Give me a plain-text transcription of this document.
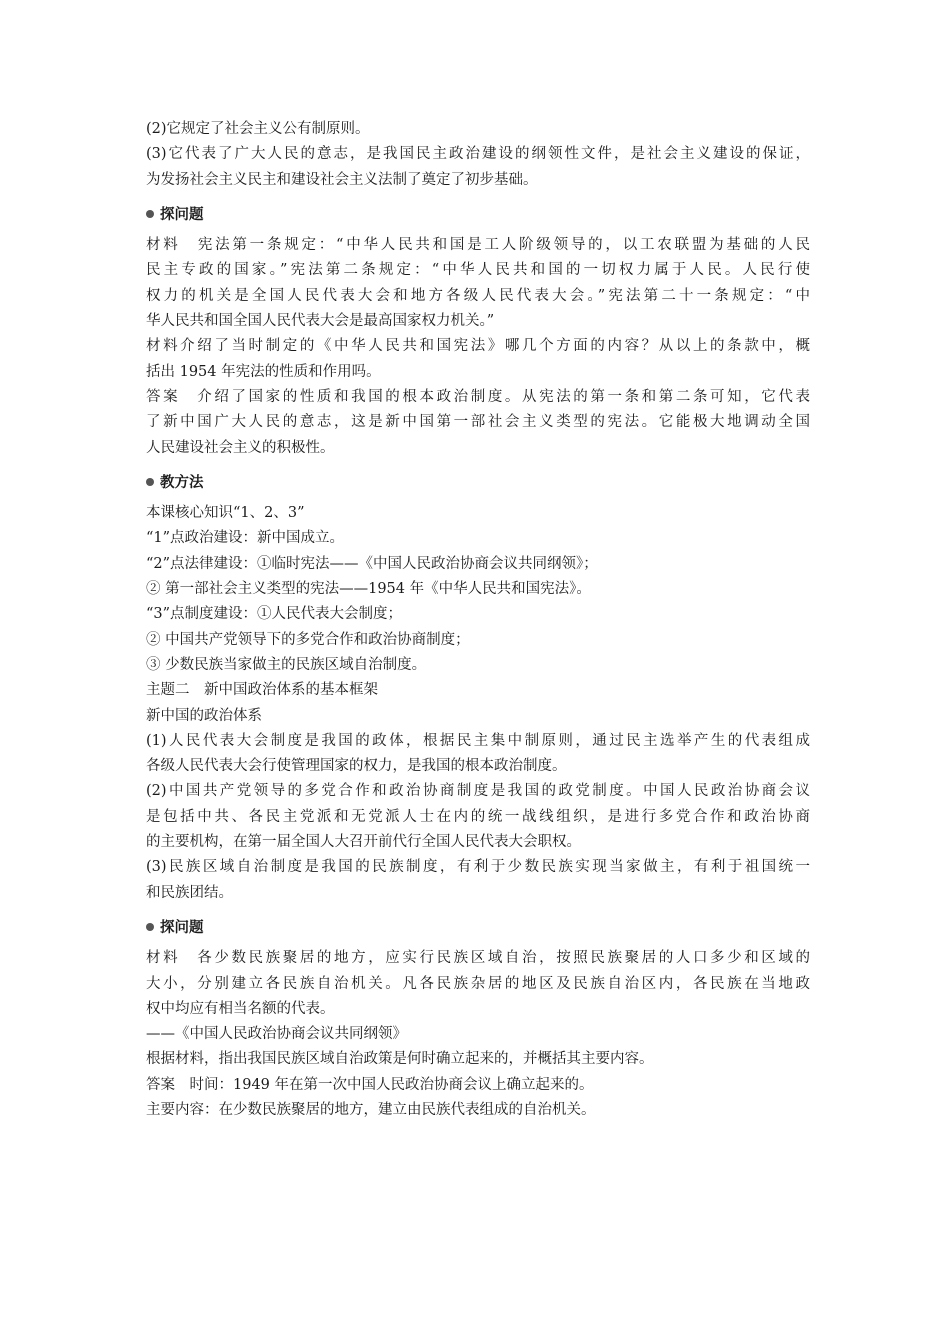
(2)它规定了社会主义公有制原则。
(3)它代表了广大人民的意志，是我国民主政治建设的纲领性文件，是社会主义建设的保证，
为发扬社会主义民主和建设社会主义法制了奠定了初步基础。
探问题
材料　宪法第一条规定：“中华人民共和国是工人阶级领导的，以工农联盟为基础的人民
民主专政的国家。”宪法第二条规定：“中华人民共和国的一切权力属于人民。人民行使
权力的机关是全国人民代表大会和地方各级人民代表大会。”宪法第二十一条规定：“中
华人民共和国全国人民代表大会是最高国家权力机关。”
材料介绍了当时制定的《中华人民共和国宪法》哪几个方面的内容？从以上的条款中，概
括出 1954 年宪法的性质和作用吗。
答案　介绍了国家的性质和我国的根本政治制度。从宪法的第一条和第二条可知，它代表
了新中国广大人民的意志，这是新中国第一部社会主义类型的宪法。它能极大地调动全国
人民建设社会主义的积极性。
教方法
本课核心知识“1、2、3”
“1”点政治建设：新中国成立。
“2”点法律建设：①临时宪法——《中国人民政治协商会议共同纲领》；
② 第一部社会主义类型的宪法——1954 年《中华人民共和国宪法》。
“3”点制度建设：①人民代表大会制度；
② 中国共产党领导下的多党合作和政治协商制度；
③ 少数民族当家做主的民族区域自治制度。
主题二　新中国政治体系的基本框架
新中国的政治体系
(1)人民代表大会制度是我国的政体，根据民主集中制原则，通过民主选举产生的代表组成
各级人民代表大会行使管理国家的权力，是我国的根本政治制度。
(2)中国共产党领导的多党合作和政治协商制度是我国的政党制度。中国人民政治协商会议
是包括中共、各民主党派和无党派人士在内的统一战线组织，是进行多党合作和政治协商
的主要机构，在第一届全国人大召开前代行全国人民代表大会职权。
(3)民族区域自治制度是我国的民族制度，有利于少数民族实现当家做主，有利于祖国统一
和民族团结。
探问题
材料　各少数民族聚居的地方，应实行民族区域自治，按照民族聚居的人口多少和区域的
大小，分别建立各民族自治机关。凡各民族杂居的地区及民族自治区内，各民族在当地政
权中均应有相当名额的代表。
——《中国人民政治协商会议共同纲领》
根据材料，指出我国民族区域自治政策是何时确立起来的，并概括其主要内容。
答案　时间：1949 年在第一次中国人民政治协商会议上确立起来的。
主要内容：在少数民族聚居的地方，建立由民族代表组成的自治机关。
